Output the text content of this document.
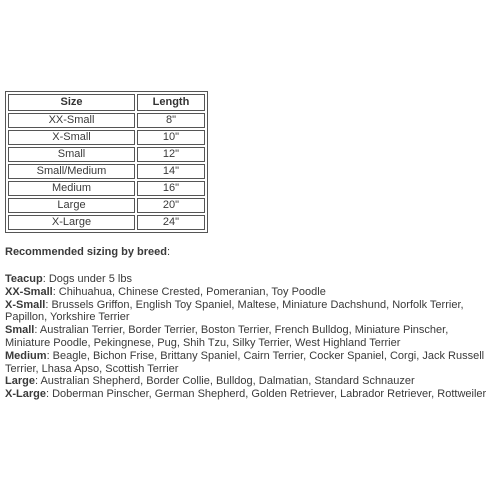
Size	Length
XX-Small	8"
X-Small	10"
Small	12"
Small/Medium	14"
Medium	16"
Large	20"
X-Large	24"

Recommended sizing by breed:

Teacup: Dogs under 5 lbs
XX-Small: Chihuahua, Chinese Crested, Pomeranian, Toy Poodle
X-Small: Brussels Griffon, English Toy Spaniel, Maltese, Miniature Dachshund, Norfolk Terrier,
Papillon, Yorkshire Terrier
Small: Australian Terrier, Border Terrier, Boston Terrier, French Bulldog, Miniature Pinscher,
Miniature Poodle, Pekingnese, Pug, Shih Tzu, Silky Terrier, West Highland Terrier
Medium: Beagle, Bichon Frise, Brittany Spaniel, Cairn Terrier, Cocker Spaniel, Corgi, Jack Russell
Terrier, Lhasa Apso, Scottish Terrier
Large: Australian Shepherd, Border Collie, Bulldog, Dalmatian, Standard Schnauzer
X-Large: Doberman Pinscher, German Shepherd, Golden Retriever, Labrador Retriever, Rottweiler
